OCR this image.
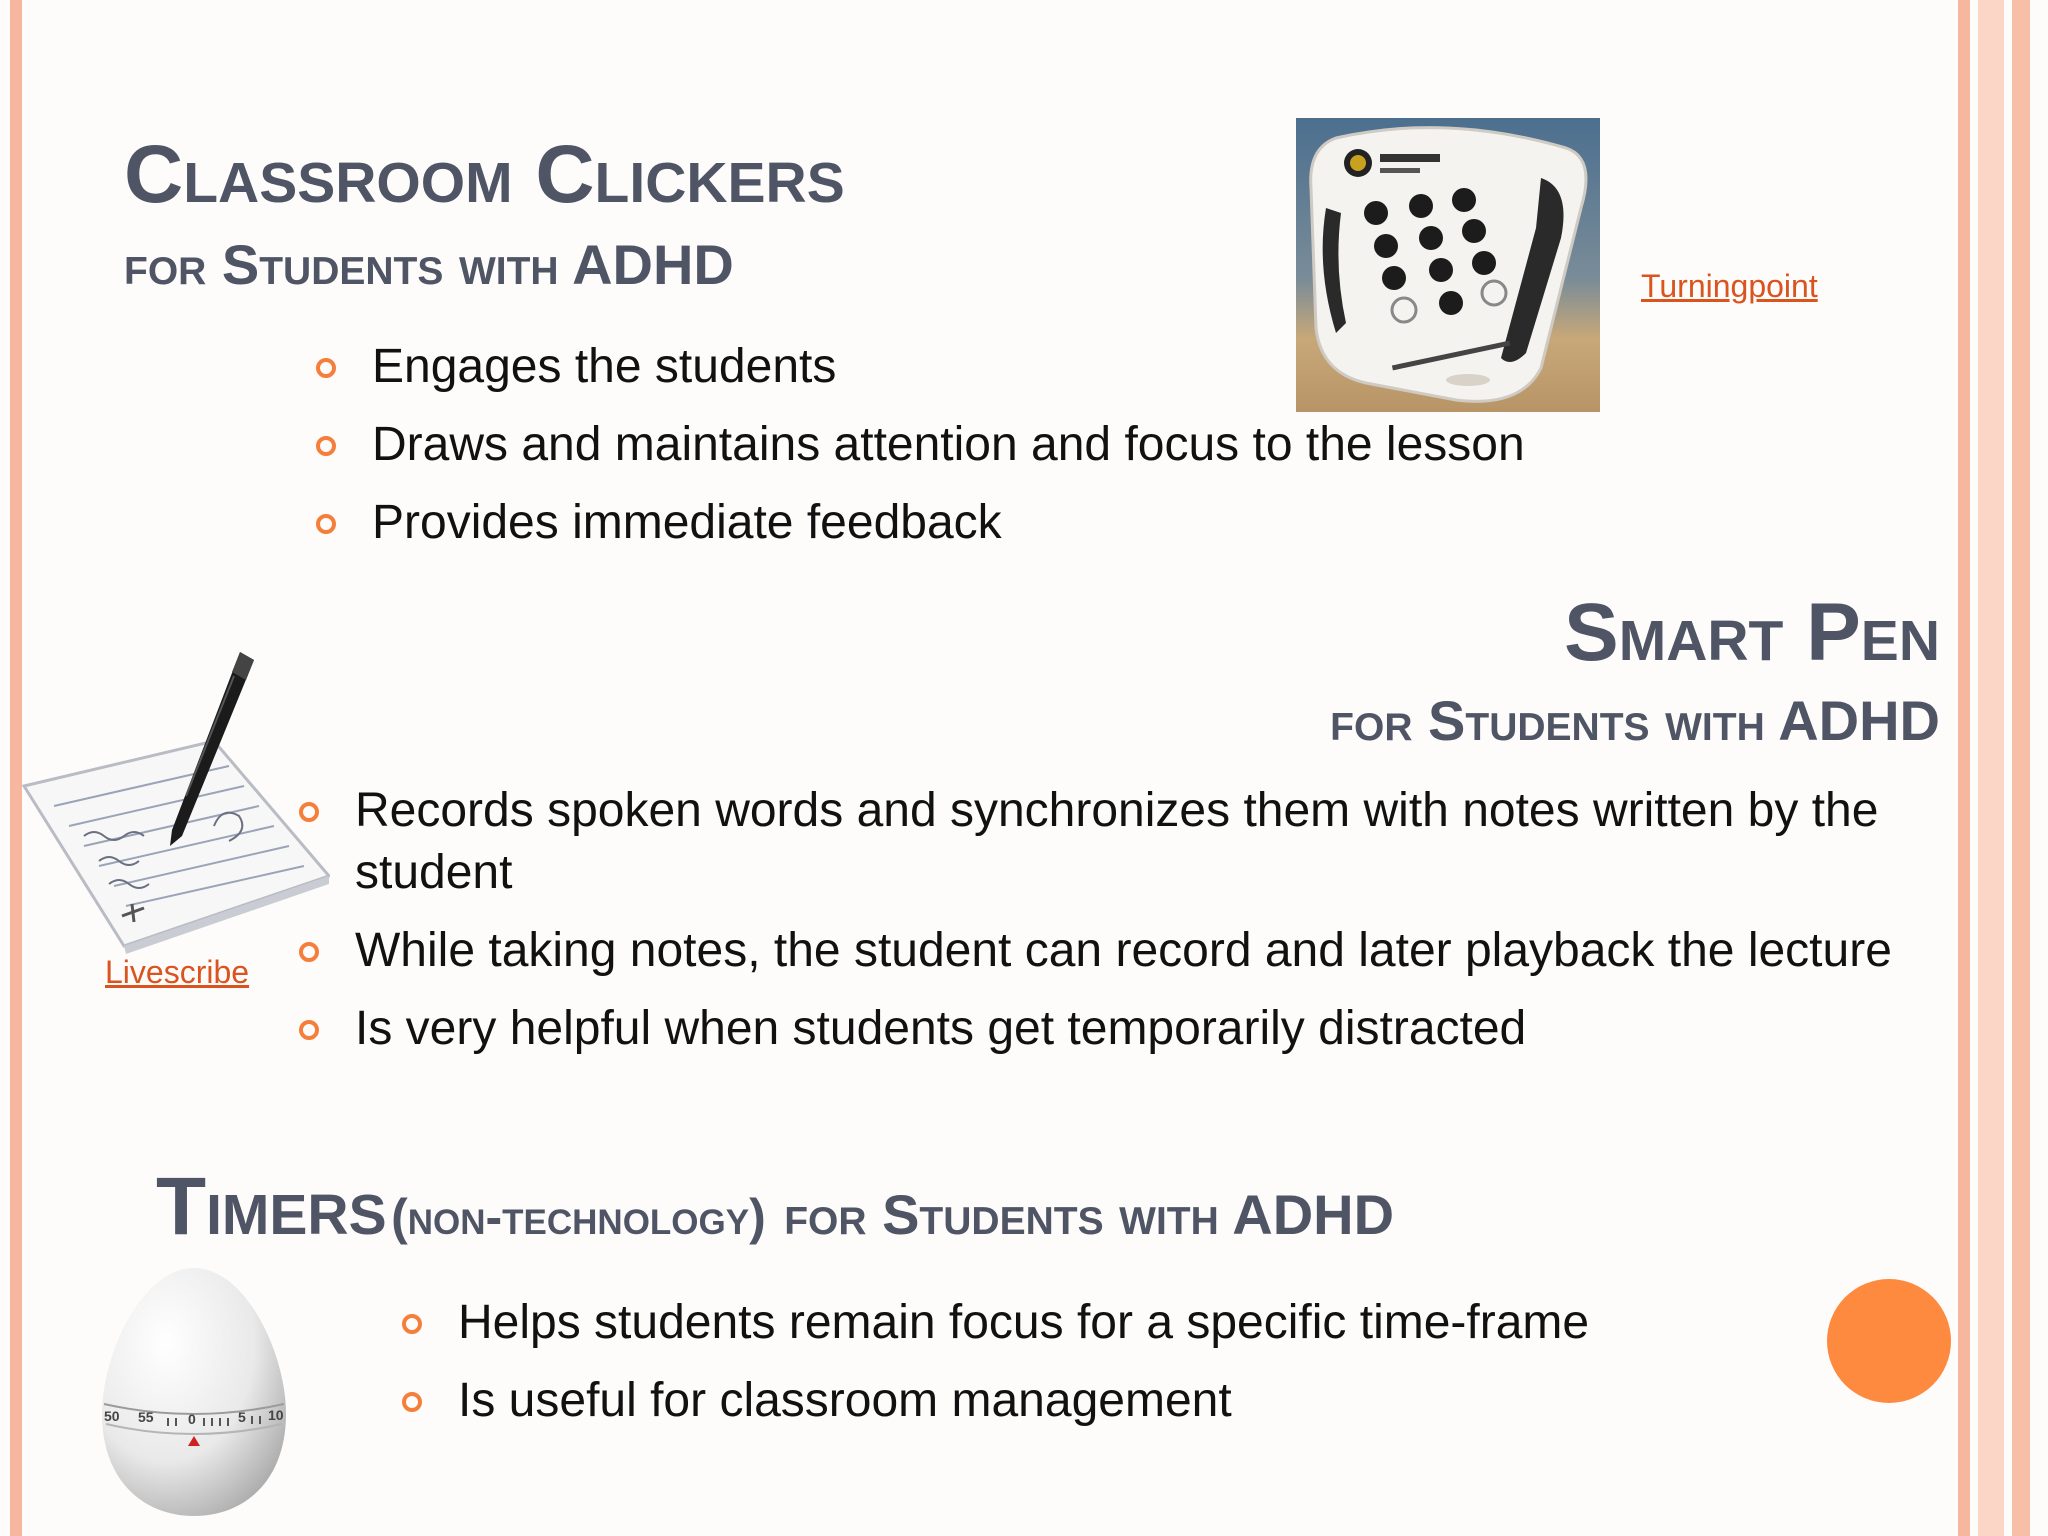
Classroom Clickers
for Students with ADHD
Engages the students
Draws and maintains attention and focus to the lesson
Provides immediate feedback
Turningpoint
Smart Pen
for Students with ADHD
Livescribe
Records spoken words and synchronizes them with notes written by the student
While taking notes, the student can record and later playback the lecture
Is very helpful when students get temporarily distracted
Timers (non-technology) for Students with ADHD
50 55 0	5 10
Helps students remain focus for a specific time-frame
Is useful for classroom management
